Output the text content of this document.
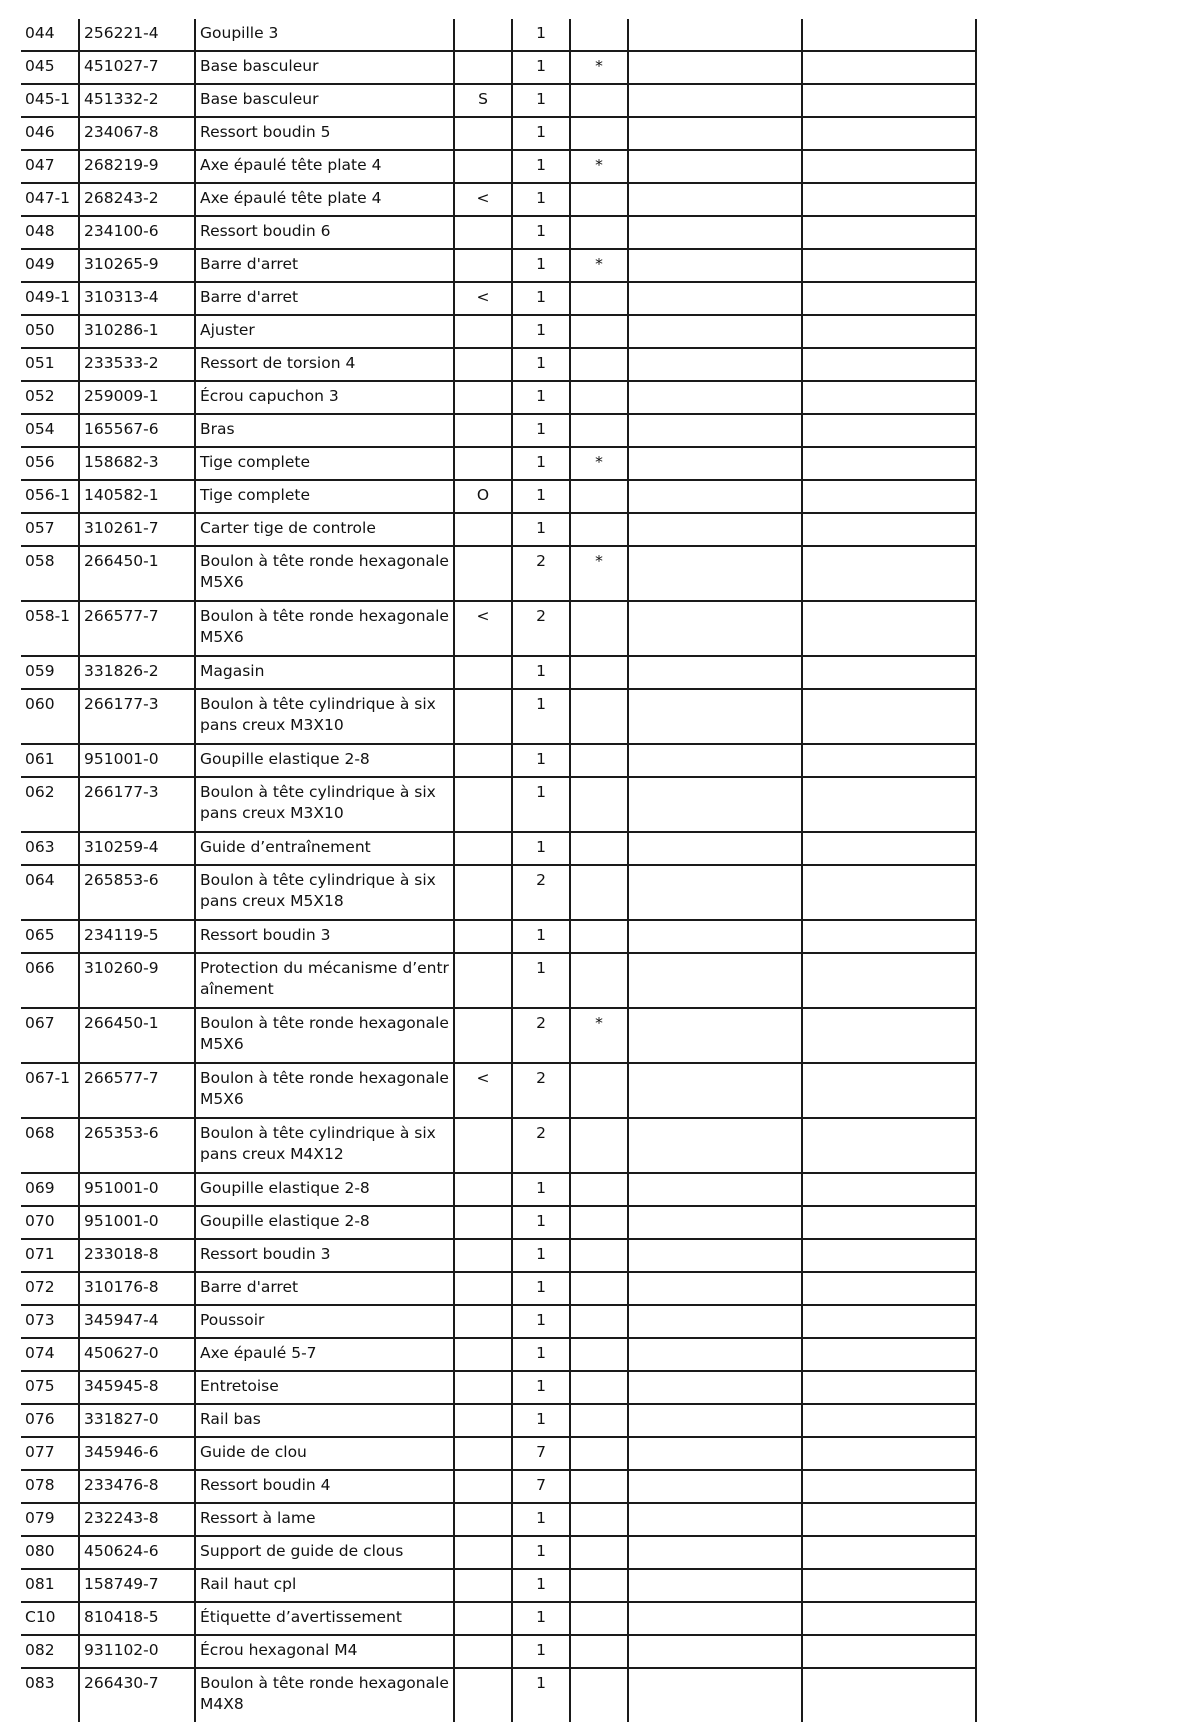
044	256221-4	Goupille 3		1			
045	451027-7	Base basculeur		1	*		
045-1	451332-2	Base basculeur	S	1			
046	234067-8	Ressort boudin 5		1			
047	268219-9	Axe épaulé tête plate 4		1	*		
047-1	268243-2	Axe épaulé tête plate 4	<	1			
048	234100-6	Ressort boudin 6		1			
049	310265-9	Barre d'arret		1	*		
049-1	310313-4	Barre d'arret	<	1			
050	310286-1	Ajuster		1			
051	233533-2	Ressort de torsion 4		1			
052	259009-1	Écrou capuchon 3		1			
054	165567-6	Bras		1			
056	158682-3	Tige complete		1	*		
056-1	140582-1	Tige complete	O	1			
057	310261-7	Carter tige de controle		1			
058	266450-1	Boulon à tête ronde hexagonale M5X6		2	*		
058-1	266577-7	Boulon à tête ronde hexagonale M5X6	<	2			
059	331826-2	Magasin		1			
060	266177-3	Boulon à tête cylindrique à six pans creux M3X10		1			
061	951001-0	Goupille elastique 2-8		1			
062	266177-3	Boulon à tête cylindrique à six pans creux M3X10		1			
063	310259-4	Guide d’entraînement		1			
064	265853-6	Boulon à tête cylindrique à six pans creux M5X18		2			
065	234119-5	Ressort boudin 3		1			
066	310260-9	Protection du mécanisme d’entraînement		1			
067	266450-1	Boulon à tête ronde hexagonale M5X6		2	*		
067-1	266577-7	Boulon à tête ronde hexagonale M5X6	<	2			
068	265353-6	Boulon à tête cylindrique à six pans creux M4X12		2			
069	951001-0	Goupille elastique 2-8		1			
070	951001-0	Goupille elastique 2-8		1			
071	233018-8	Ressort boudin 3		1			
072	310176-8	Barre d'arret		1			
073	345947-4	Poussoir		1			
074	450627-0	Axe épaulé 5-7		1			
075	345945-8	Entretoise		1			
076	331827-0	Rail bas		1			
077	345946-6	Guide de clou		7			
078	233476-8	Ressort boudin 4		7			
079	232243-8	Ressort à lame		1			
080	450624-6	Support de guide de clous		1			
081	158749-7	Rail haut cpl		1			
C10	810418-5	Étiquette d’avertissement		1			
082	931102-0	Écrou hexagonal M4		1			
083	266430-7	Boulon à tête ronde hexagonale M4X8		1			
